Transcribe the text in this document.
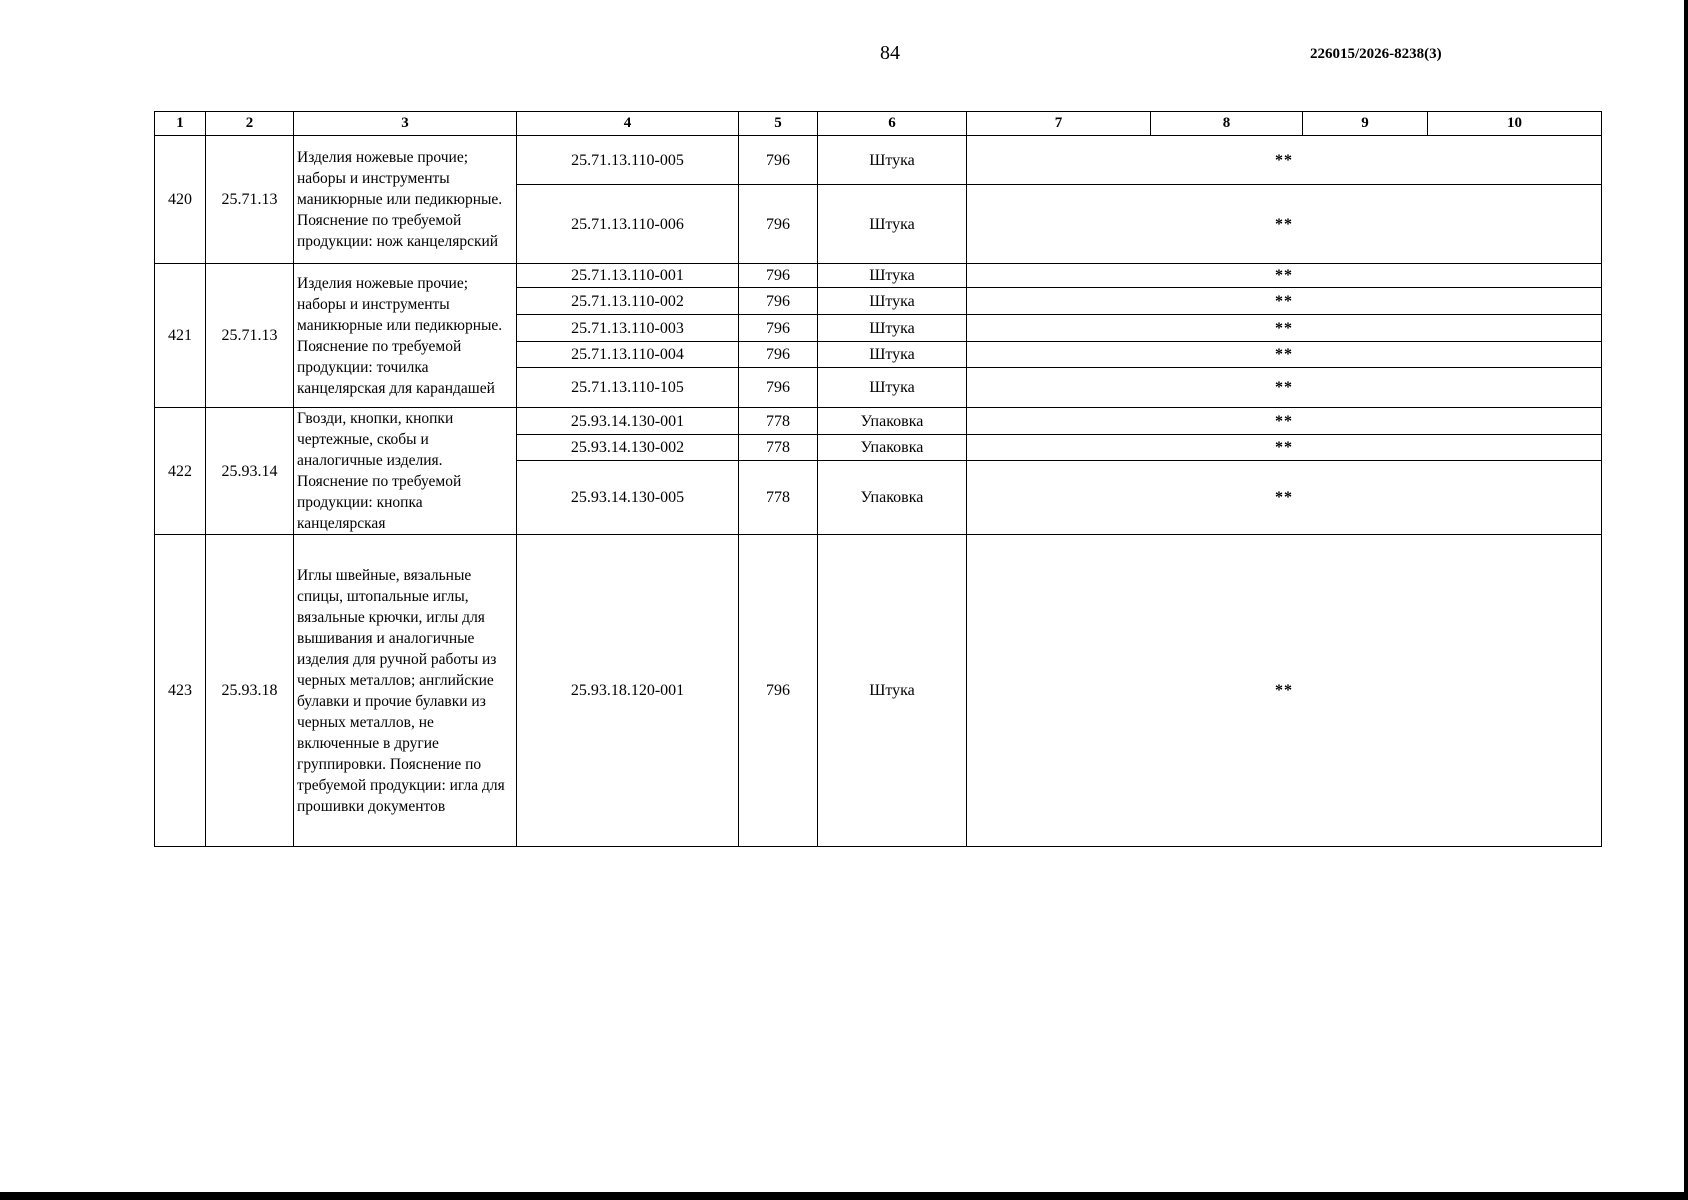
84	226015/2026-8238(3)
1	2	3	4	5	6	7	8	9	10
420	25.71.13	Изделия ножевые прочие; наборы и инструменты маникюрные или педикюрные. Пояснение по требуемой продукции: нож канцелярский	25.71.13.110-005	796	Штука	**			
			25.71.13.110-006	796	Штука	**			
421	25.71.13	Изделия ножевые прочие; наборы и инструменты маникюрные или педикюрные. Пояснение по требуемой продукции: точилка канцелярская для карандашей	25.71.13.110-001	796	Штука	**			
			25.71.13.110-002	796	Штука	**			
			25.71.13.110-003	796	Штука	**			
			25.71.13.110-004	796	Штука	**			
			25.71.13.110-105	796	Штука	**			
422	25.93.14	Гвозди, кнопки, кнопки чертежные, скобы и аналогичные изделия. Пояснение по требуемой продукции: кнопка канцелярская	25.93.14.130-001	778	Упаковка	**			
			25.93.14.130-002	778	Упаковка	**			
			25.93.14.130-005	778	Упаковка	**			
423	25.93.18	Иглы швейные, вязальные спицы, штопальные иглы, вязальные крючки, иглы для вышивания и аналогичные изделия для ручной работы из черных металлов; английские булавки и прочие булавки из черных металлов, не включенные в другие группировки. Пояснение по требуемой продукции: игла для прошивки документов	25.93.18.120-001	796	Штука	**			
